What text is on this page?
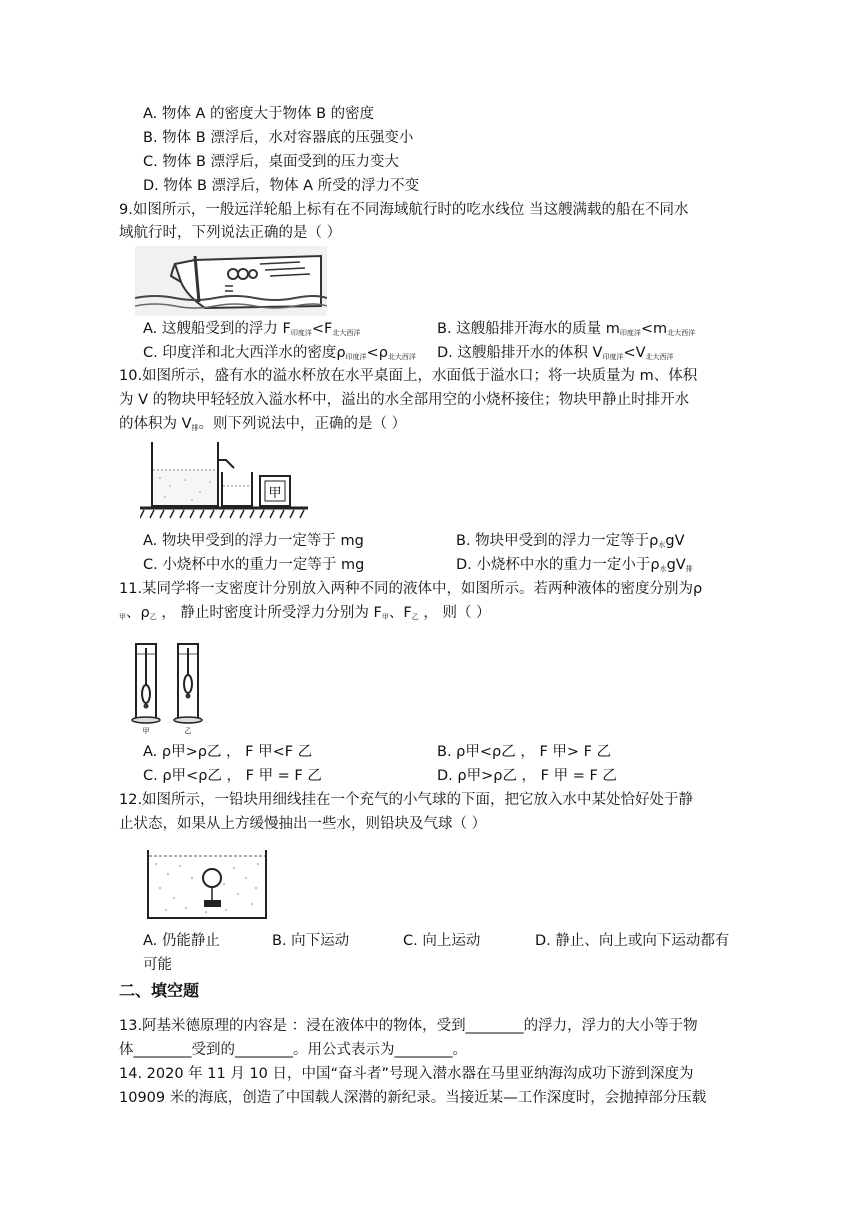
A. 物体 A 的密度大于物体 B 的密度
B. 物体 B 漂浮后，水对容器底的压强变小
C. 物体 B 漂浮后，桌面受到的压力变大
D. 物体 B 漂浮后，物体 A 所受的浮力不变
9.如图所示，一般远洋轮船上标有在不同海域航行时的吃水线位 当这艘满载的船在不同水
域航行时，下列说法正确的是（ ）
A. 这艘船受到的浮力 $F_{印度洋}<F_{北大西洋}$	B. 这艘船排开海水的质量 $m_{印度洋}<m_{北大西洋}$
C. 印度洋和北大西洋水的密度$\rho_{印度洋}<\rho_{北大西洋}$ D. 这艘船排开水的体积 $V_{印度洋}<V_{北大西洋}$
10.如图所示，盛有水的溢水杯放在水平桌面上，水面低于溢水口；将一块质量为 m、体积
为 V 的物块甲轻轻放入溢水杯中，溢出的水全部用空的小烧杯接住；物块甲静止时排开水
的体积为 $V_排$。则下列说法中，正确的是（ ）
甲
A. 物块甲受到的浮力一定等于 mg	B. 物块甲受到的浮力一定等于$\rho_水gV$
C. 小烧杯中水的重力一定等于 mg	D. 小烧杯中水的重力一定小于$\rho_水gV_排$
11.某同学将一支密度计分别放入两种不同的液体中，如图所示。若两种液体的密度分别为ρ
$_甲$、$\rho_乙$ ， 静止时密度计所受浮力分别为 $F_甲$、$F_乙$ ， 则（ ）
甲	乙
A. ρ甲>ρ乙 ， F 甲<F 乙	B. ρ甲<ρ乙 ， F 甲> F 乙
C. ρ甲<ρ乙 ， F 甲 = F 乙	D. ρ甲>ρ乙 ， F 甲 = F 乙
12.如图所示，一铅块用细线挂在一个充气的小气球的下面，把它放入水中某处恰好处于静
止状态，如果从上方缓慢抽出一些水，则铅块及气球（ ）
A. 仍能静止	B. 向下运动	C. 向上运动	D. 静止、向上或向下运动都有
可能
二、填空题
13.阿基米德原理的内容是 ：浸在液体中的物体，受到________的浮力，浮力的大小等于物
体________受到的________。用公式表示为________。
14. 2020 年 11 月 10 日，中国“奋斗者”号现入潜水器在马里亚纳海沟成功下游到深度为
10909 米的海底，创造了中国载人深潜的新纪录。当接近某—工作深度时，会抛掉部分压载
